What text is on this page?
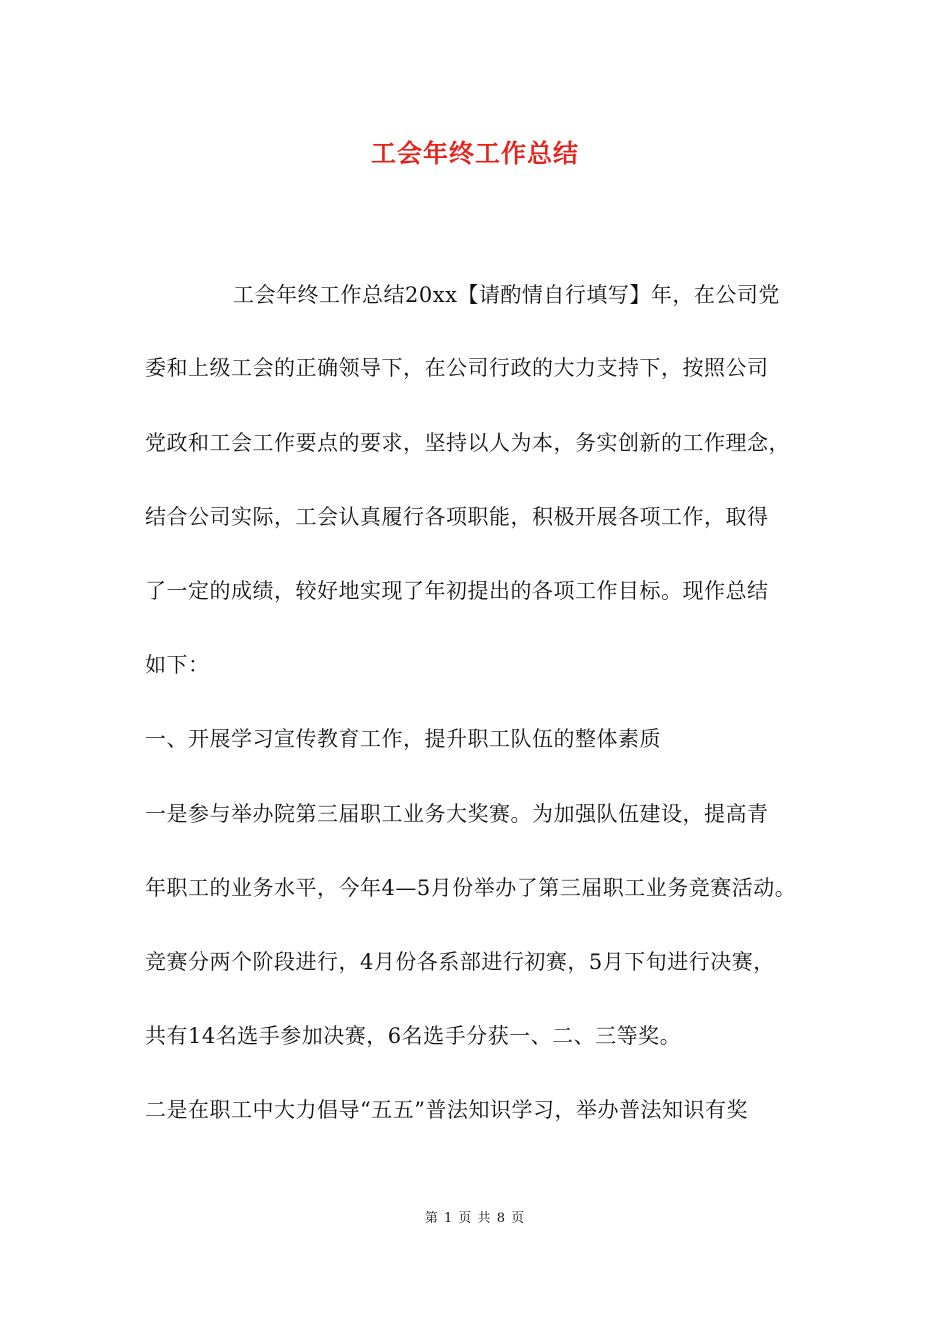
工会年终工作总结
工会年终工作总结20xx【请酌情自行填写】年，在公司党
委和上级工会的正确领导下，在公司行政的大力支持下，按照公司
党政和工会工作要点的要求，坚持以人为本，务实创新的工作理念，
结合公司实际，工会认真履行各项职能，积极开展各项工作，取得
了一定的成绩，较好地实现了年初提出的各项工作目标。现作总结
如下：
一、开展学习宣传教育工作，提升职工队伍的整体素质
一是参与举办院第三届职工业务大奖赛。为加强队伍建设，提高青
年职工的业务水平，今年4—5月份举办了第三届职工业务竞赛活动。
竞赛分两个阶段进行，4月份各系部进行初赛，5月下旬进行决赛，
共有14名选手参加决赛，6名选手分获一、二、三等奖。
二是在职工中大力倡导“五五”普法知识学习，举办普法知识有奖
第 1 页 共 8 页
